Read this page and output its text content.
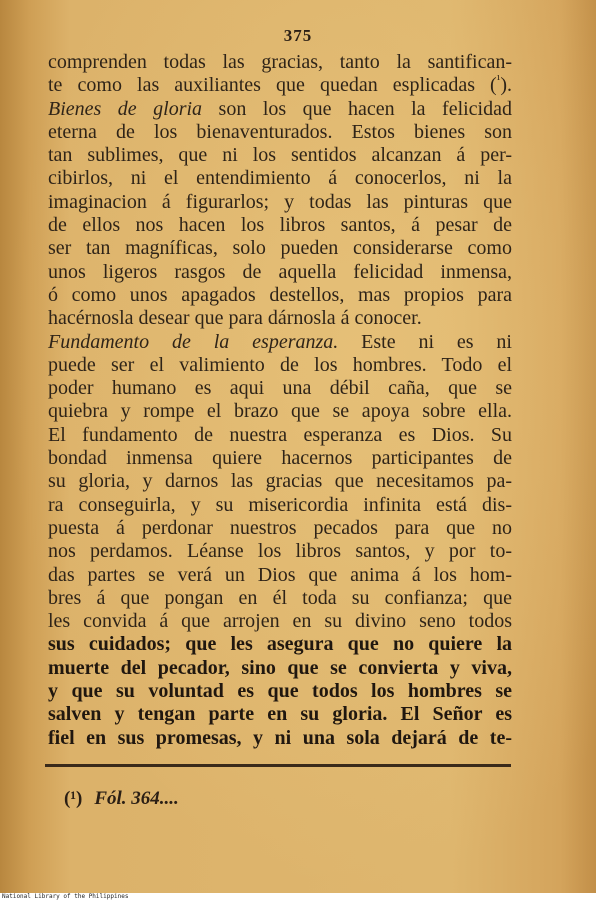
375
comprenden todas las gracias, tanto la santifican-
te como las auxiliantes que quedan esplicadas ($^{^1}$).
Bienes de gloria son los que hacen la felicidad
eterna de los bienaventurados. Estos bienes son
tan sublimes, que ni los sentidos alcanzan á per-
cibirlos, ni el entendimiento á conocerlos, ni la
imaginacion á figurarlos; y todas las pinturas que
de ellos nos hacen los libros santos, á pesar de
ser tan magníficas, solo pueden considerarse como
unos ligeros rasgos de aquella felicidad inmensa,
ó como unos apagados destellos, mas propios para
hacérnosla desear que para dárnosla á conocer.
Fundamento de la esperanza. Este ni es ni
puede ser el valimiento de los hombres. Todo el
poder humano es aqui una débil caña, que se
quiebra y rompe el brazo que se apoya sobre ella.
El fundamento de nuestra esperanza es Dios. Su
bondad inmensa quiere hacernos participantes de
su gloria, y darnos las gracias que necesitamos pa-
ra conseguirla, y su misericordia infinita está dis-
puesta á perdonar nuestros pecados para que no
nos perdamos. Léanse los libros santos, y por to-
das partes se verá un Dios que anima á los hom-
bres á que pongan en él toda su confianza; que
les convida á que arrojen en su divino seno todos
sus cuidados; que les asegura que no quiere la
muerte del pecador, sino que se convierta y viva,
y que su voluntad es que todos los hombres se
salven y tengan parte en su gloria. El Señor es
fiel en sus promesas, y ni una sola dejará de te-
(¹) Fól. 364....
National Library of the Philippines
